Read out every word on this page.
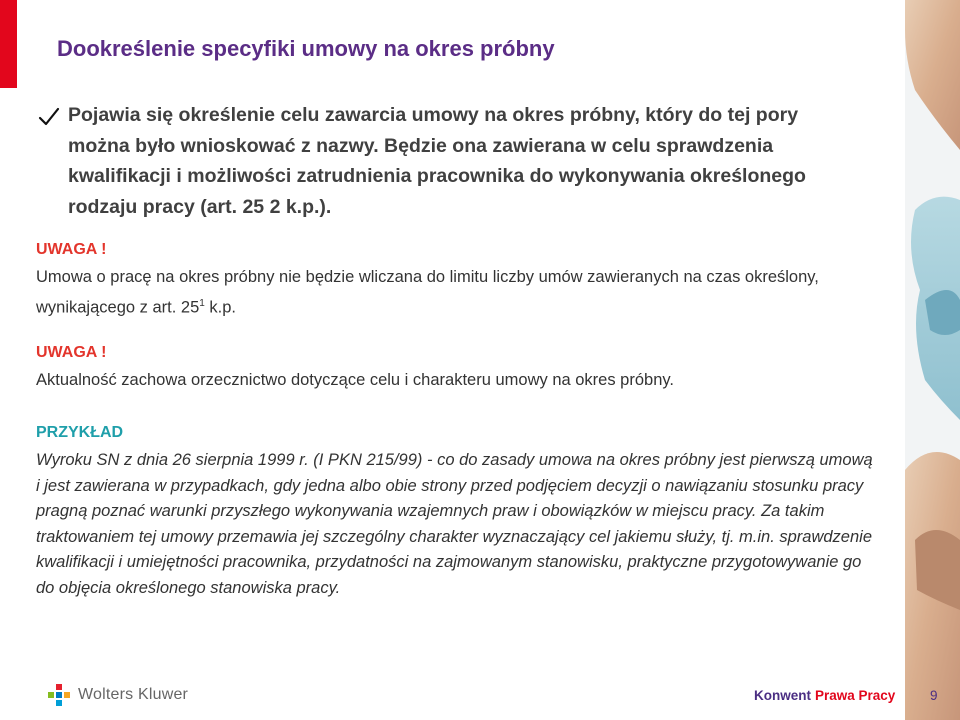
Dookreślenie specyfiki umowy na okres próbny

Pojawia się określenie celu zawarcia umowy na okres próbny, który do tej pory można było wnioskować z nazwy. Będzie ona zawierana w celu sprawdzenia kwalifikacji i możliwości zatrudnienia pracownika do wykonywania określonego rodzaju pracy (art. 25 2 k.p.).

UWAGA !

Umowa o pracę na okres próbny nie będzie wliczana do limitu liczby umów zawieranych na czas określony, wynikającego z art. $25^1$ k.p.

UWAGA !

Aktualność zachowa orzecznictwo dotyczące celu i charakteru umowy na okres próbny.

PRZYKŁAD

Wyroku SN z dnia 26 sierpnia 1999 r. (I PKN 215/99) - co do zasady umowa na okres próbny jest pierwszą umową i jest zawierana w przypadkach, gdy jedna albo obie strony przed podjęciem decyzji o nawiązaniu stosunku pracy pragną poznać warunki przyszłego wykonywania wzajemnych praw i obowiązków w miejscu pracy. Za takim traktowaniem tej umowy przemawia jej szczególny charakter wyznaczający cel jakiemu służy, tj. m.in. sprawdzenie kwalifikacji i umiejętności pracownika, przydatności na zajmowanym stanowisku, praktyczne przygotowywanie go do objęcia określonego stanowiska pracy.

Wolters Kluwer	Konwent Prawa Pracy	9
